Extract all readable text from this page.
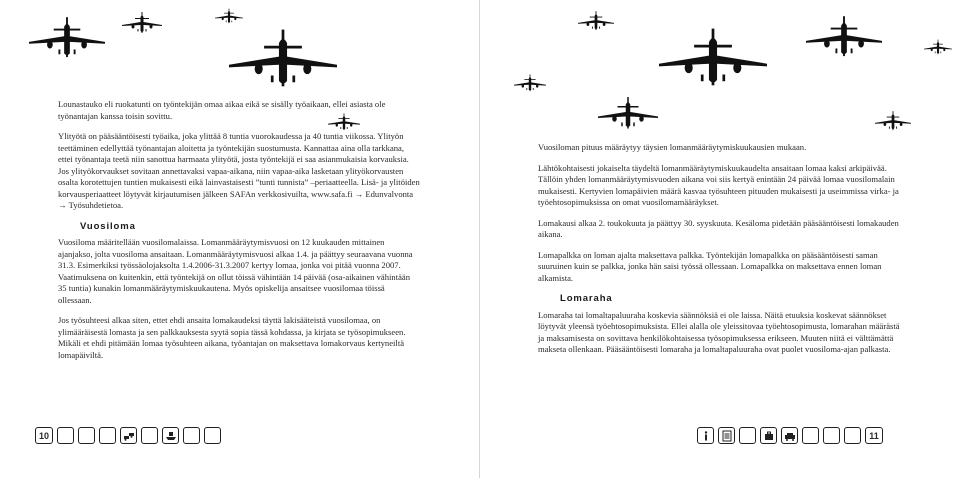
Lounastauko eli ruokatunti on työntekijän omaa aikaa eikä se sisälly työaikaan, ellei asiasta ole työnantajan kanssa toisin sovittu.

Ylityötä on pääsääntöisesti työaika, joka ylittää 8 tuntia vuorokaudessa ja 40 tuntia viikossa. Ylityön teettäminen edellyttää työnantajan aloitetta ja työntekijän suostumusta. Kannattaa aina olla tarkkana, ettei työnantaja teetä niin sanottua harmaata ylityötä, josta työntekijä ei saa asianmukaisia korvauksia. Jos ylityökorvaukset sovitaan annettavaksi vapaa-aikana, niin vapaa-aika lasketaan ylityökorvausten osalta korotettujen tuntien mukaisesti eikä lainvastaisesti ”tunti tunnista” –periaatteella. Lisä- ja ylitöiden korvausperiaatteet löytyvät kirjautumisen jälkeen SAFAn verkkosivuilta, www.safa.fi → Edunvalvonta → Työsuhdetietoa.

Vuosiloma

Vuosiloma määritellään vuosilomalaissa. Lomanmääräytymisvuosi on 12 kuukauden mittainen ajanjakso, jolta vuosiloma ansaitaan. Lomanmääräytymisvuosi alkaa 1.4. ja päättyy seuraavana vuonna 31.3. Esimerkiksi työssäolojaksolta 1.4.2006-31.3.2007 kertyy lomaa, jonka voi pitää vuonna 2007. Vaatimuksena on kuitenkin, että työntekijä on ollut töissä vähintään 14 päivää (osa-aikainen vähintään 35 tuntia) kunakin lomanmääräytymiskuukautena. Myös opiskelija ansaitsee vuosilomaa töissä ollessaan.

Jos työsuhteesi alkaa siten, ettet ehdi ansaita lomakaudeksi täyttä lakisääteistä vuosilomaa, on ylimääräisestä lomasta ja sen palkkauksesta syytä sopia tässä kohdassa, ja kirjata se työsopimukseen. Mikäli et ehdi pitämään lomaa työsuhteen aikana, työantajan on maksettava lomakorvaus kertyneiltä lomapäiviltä.

Vuosiloman pituus määräytyy täysien lomanmääräytymiskuukausien mukaan.

Lähtökohtaisesti jokaiselta täydeltä lomanmääräytymiskuukaudelta ansaitaan lomaa kaksi arkipäivää. Tällöin yhden lomanmääräytymisvuoden aikana voi siis kertyä enintään 24 päivää lomaa vuosilomalain mukaisesti. Kertyvien lomapäivien määrä kasvaa työsuhteen pituuden mukaisesti ja useimmissa virka- ja työehtosopimuksissa on omat vuosilomamääräykset.

Lomakausi alkaa 2. toukokuuta ja päättyy 30. syyskuuta. Kesäloma pidetään pääsääntöisesti lomakauden aikana.

Lomapalkka on loman ajalta maksettava palkka. Työntekijän lomapalkka on pääsääntöisesti saman suuruinen kuin se palkka, jonka hän saisi työssä ollessaan. Lomapalkka on maksettava ennen loman alkamista.

Lomaraha

Lomaraha tai lomaltapaluuraha koskevia säännöksiä ei ole laissa. Näitä etuuksia koskevat säännökset löytyvät yleensä työehtosopimuksista. Ellei alalla ole yleissitovaa työehtosopimusta, lomarahan määrästä ja maksamisesta on sovittava henkilökohtaisessa työsopimuksessa erikseen. Muuten niitä ei välttämättä makseta ollenkaan. Pääsääntöisesti lomaraha ja lomaltapaluuraha ovat puolet vuosiloma-ajan palkasta.

10	11
